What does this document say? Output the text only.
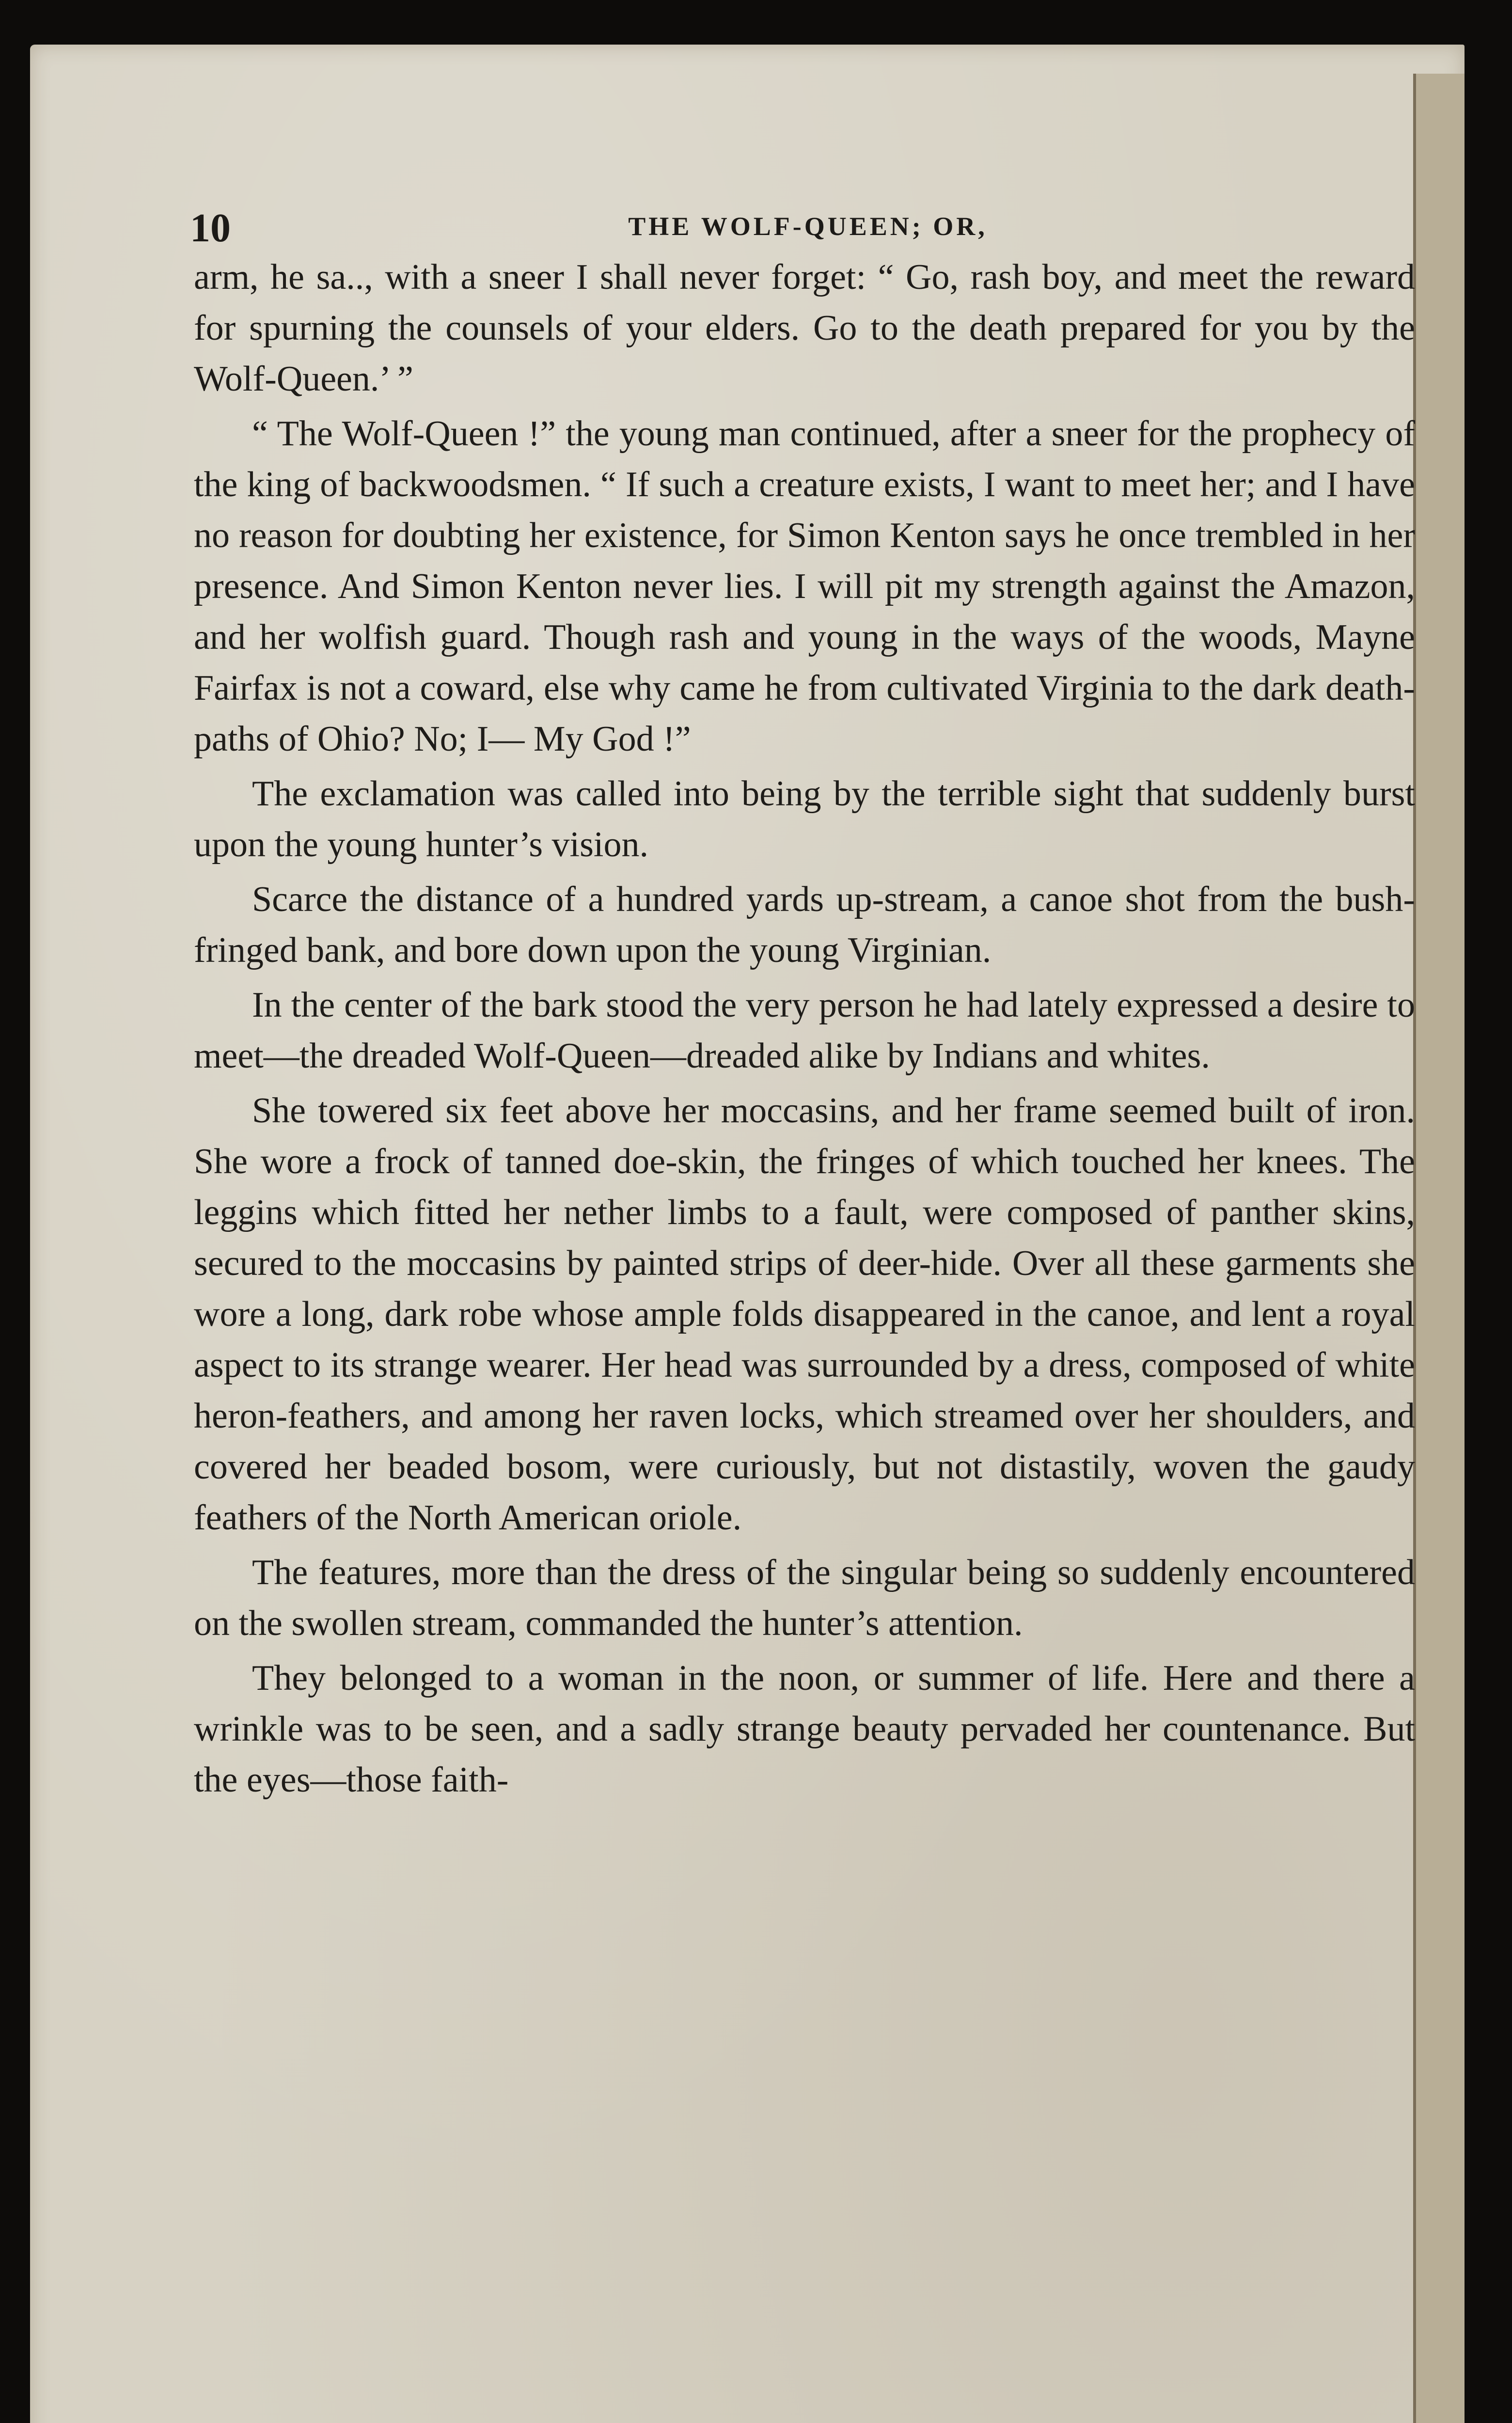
10	THE WOLF-QUEEN; OR,

arm, he sa.., with a sneer I shall never forget: “ Go, rash boy, and meet the reward for spurning the counsels of your elders. Go to the death prepared for you by the Wolf-Queen.’ ”

“ The Wolf-Queen !” the young man continued, after a sneer for the prophecy of the king of backwoodsmen. “ If such a creature exists, I want to meet her; and I have no reason for doubting her existence, for Simon Kenton says he once trembled in her presence. And Simon Kenton never lies. I will pit my strength against the Amazon, and her wolfish guard. Though rash and young in the ways of the woods, Mayne Fairfax is not a coward, else why came he from cultivated Virginia to the dark death-paths of Ohio? No; I— My God !”

The exclamation was called into being by the terrible sight that suddenly burst upon the young hunter’s vision.

Scarce the distance of a hundred yards up-stream, a canoe shot from the bush-fringed bank, and bore down upon the young Virginian.

In the center of the bark stood the very person he had lately expressed a desire to meet—the dreaded Wolf-Queen—dreaded alike by Indians and whites.

She towered six feet above her moccasins, and her frame seemed built of iron. She wore a frock of tanned doe-skin, the fringes of which touched her knees. The leggins which fitted her nether limbs to a fault, were composed of panther skins, secured to the moccasins by painted strips of deer-hide. Over all these garments she wore a long, dark robe whose ample folds disappeared in the canoe, and lent a royal aspect to its strange wearer. Her head was surrounded by a dress, composed of white heron-feathers, and among her raven locks, which streamed over her shoulders, and covered her beaded bosom, were curiously, but not distastily, woven the gaudy feathers of the North American oriole.

The features, more than the dress of the singular being so suddenly encountered on the swollen stream, commanded the hunter’s attention.

They belonged to a woman in the noon, or summer of life. Here and there a wrinkle was to be seen, and a sadly strange beauty pervaded her countenance. But the eyes—those faith-
